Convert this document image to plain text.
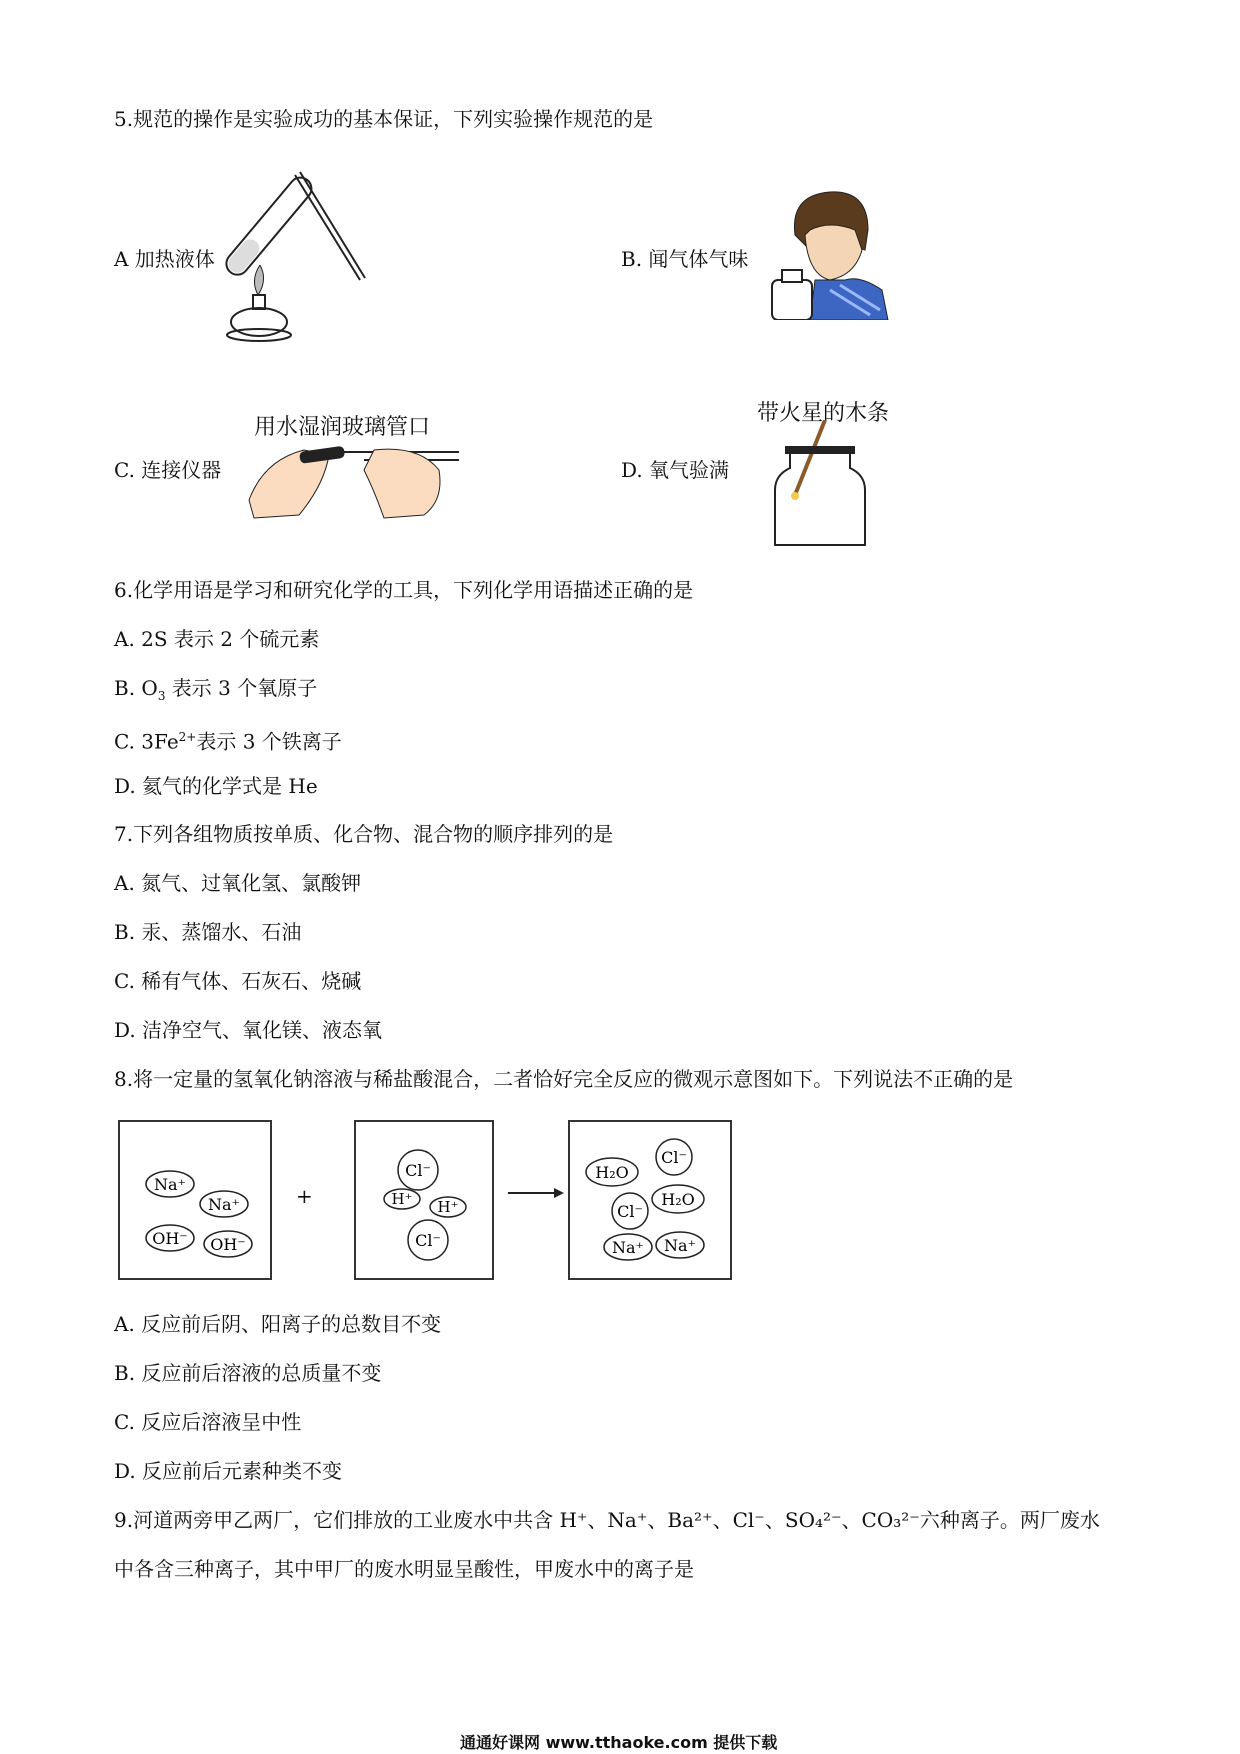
5.规范的操作是实验成功的基本保证，下列实验操作规范的是
A 加热液体	B. 闻气体气味
用水湿润玻璃管口
C. 连接仪器
带火星的木条
D. 氧气验满
6.化学用语是学习和研究化学的工具，下列化学用语描述正确的是
A. 2S 表示 2 个硫元素
B. $O_3$ 表示 3 个氧原子
C. $3Fe^{2+}$表示 3 个铁离子
D. 氦气的化学式是 He
7.下列各组物质按单质、化合物、混合物的顺序排列的是
A. 氮气、过氧化氢、氯酸钾
B. 汞、蒸馏水、石油
C. 稀有气体、石灰石、烧碱
D. 洁净空气、氧化镁、液态氧
8.将一定量的氢氧化钠溶液与稀盐酸混合，二者恰好完全反应的微观示意图如下。下列说法不正确的是
Na⁺
Na⁺
OH⁻ OH⁻
+
Cl⁻
H⁺ H⁺
Cl⁻
H₂O
Cl⁻
Cl⁻
H₂O
Na⁺ Na⁺
A. 反应前后阴、阳离子的总数目不变
B. 反应前后溶液的总质量不变
C. 反应后溶液呈中性
D. 反应前后元素种类不变
9.河道两旁甲乙两厂，它们排放的工业废水中共含 H⁺、Na⁺、Ba²⁺、Cl⁻、SO₄²⁻、CO₃²⁻六种离子。两厂废水
中各含三种离子，其中甲厂的废水明显呈酸性，甲废水中的离子是
通通好课网 www.tthaoke.com 提供下载
